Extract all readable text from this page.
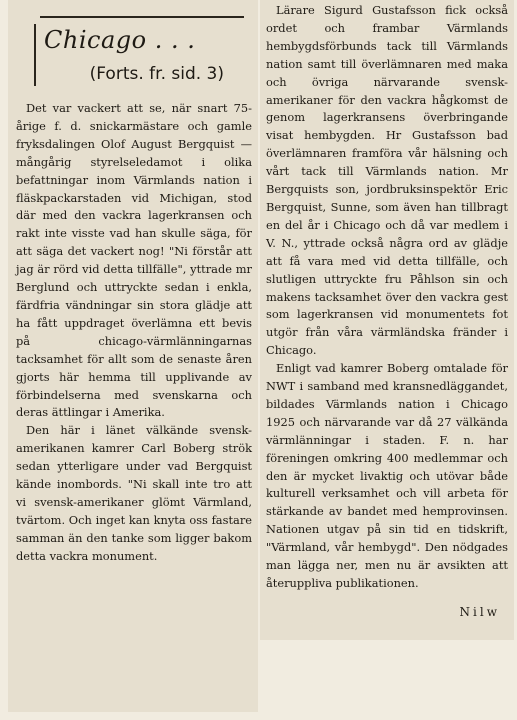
Chicago . . .
(Forts. fr. sid. 3)

Det var vackert att se, när snart 75-årige f. d. snickarmästare och gamle fryksdalingen Olof August Bergquist — mångårig styrelseledamot i olika befattningar inom Värmlands nation i fläskpackarstaden vid Michigan, stod där med den vackra lagerkransen och rakt inte visste vad han skulle säga, för att säga det vackert nog! "Ni förstår att jag är rörd vid detta tillfälle", yttrade mr Berglund och uttryckte sedan i enkla, färdfria vändningar sin stora glädje att ha fått uppdraget överlämna ett bevis på chicago-värmlänningarnas tacksamhet för allt som de senaste åren gjorts här hemma till upplivande av förbindelserna med svenskarna och deras ättlingar i Amerika.

Den här i länet välkände svensk-amerikanen kamrer Carl Boberg strök sedan ytterligare under vad Bergquist kände inombords. "Ni skall inte tro att vi svensk-amerikaner glömt Värmland, tvärtom. Och inget kan knyta oss fastare samman än den tanke som ligger bakom detta vackra monument.

Lärare Sigurd Gustafsson fick också ordet och frambar Värmlands hembygdsförbunds tack till Värmlands nation samt till överlämnaren med maka och övriga närvarande svensk-amerikaner för den vackra hågkomst de genom lagerkransens överbringande visat hembygden. Hr Gustafsson bad överlämnaren framföra vår hälsning och vårt tack till Värmlands nation. Mr Bergquists son, jordbruksinspektör Eric Bergquist, Sunne, som även han tillbragt en del år i Chicago och då var medlem i V. N., yttrade också några ord av glädje att få vara med vid detta tillfälle, och slutligen uttryckte fru Påhlson sin och makens tacksamhet över den vackra gest som lagerkransen vid monumentets fot utgör från våra värmländska fränder i Chicago.

Enligt vad kamrer Boberg omtalade för NWT i samband med kransnedläggandet, bildades Värmlands nation i Chicago 1925 och närvarande var då 27 välkända värmlänningar i staden. F. n. har föreningen omkring 400 medlemmar och den är mycket livaktig och utövar både kulturell verksamhet och vill arbeta för stärkande av bandet med hemprovinsen. Nationen utgav på sin tid en tidskrift, "Värmland, vår hembygd". Den nödgades man lägga ner, men nu är avsikten att återuppliva publikationen.

Nilw
